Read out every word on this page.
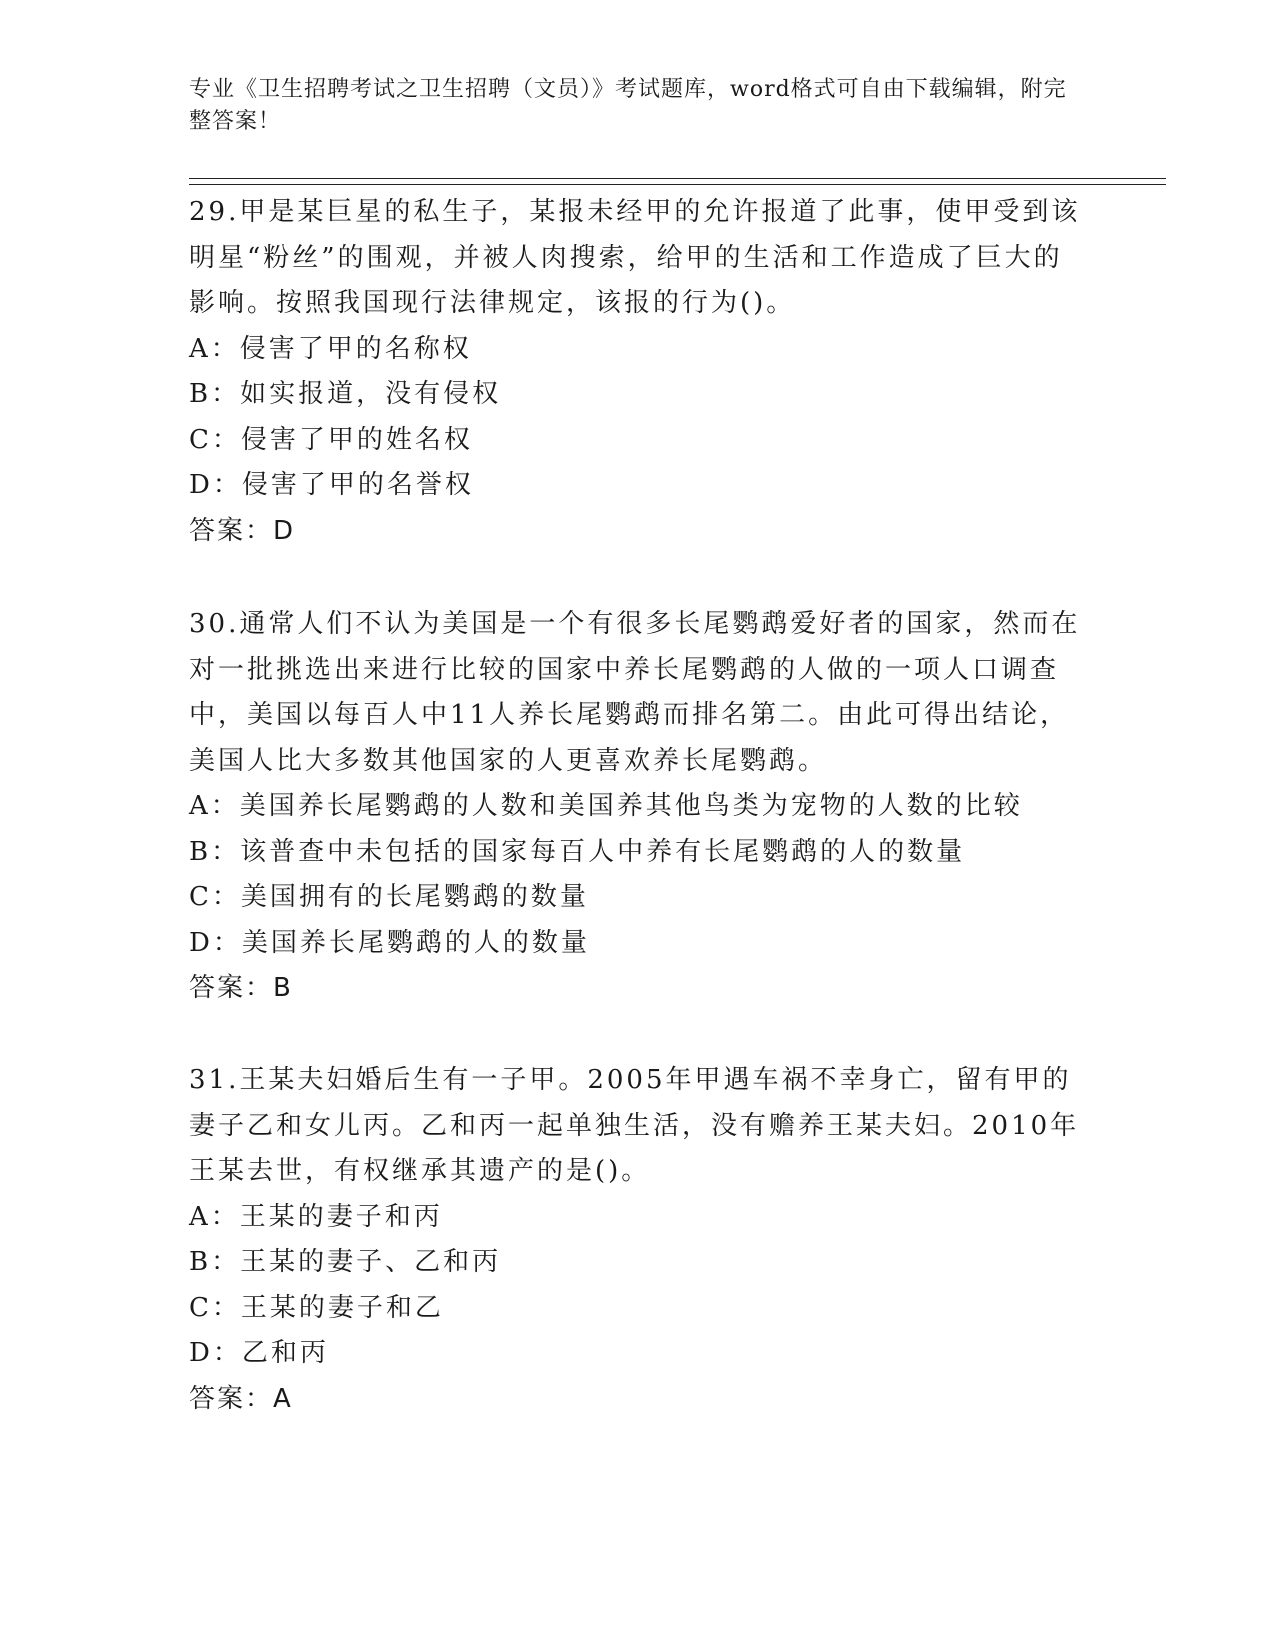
专业《卫生招聘考试之卫生招聘（文员）》考试题库，word格式可自由下载编辑，附完整答案！

29.甲是某巨星的私生子，某报未经甲的允许报道了此事，使甲受到该明星“粉丝”的围观，并被人肉搜索，给甲的生活和工作造成了巨大的影响。按照我国现行法律规定，该报的行为()。

A：侵害了甲的名称权

B：如实报道，没有侵权

C：侵害了甲的姓名权

D：侵害了甲的名誉权

答案：D

30.通常人们不认为美国是一个有很多长尾鹦鹉爱好者的国家，然而在对一批挑选出来进行比较的国家中养长尾鹦鹉的人做的一项人口调查中，美国以每百人中11人养长尾鹦鹉而排名第二。由此可得出结论，美国人比大多数其他国家的人更喜欢养长尾鹦鹉。

A：美国养长尾鹦鹉的人数和美国养其他鸟类为宠物的人数的比较

B：该普查中未包括的国家每百人中养有长尾鹦鹉的人的数量

C：美国拥有的长尾鹦鹉的数量

D：美国养长尾鹦鹉的人的数量

答案：B

31.王某夫妇婚后生有一子甲。2005年甲遇车祸不幸身亡，留有甲的妻子乙和女儿丙。乙和丙一起单独生活，没有赡养王某夫妇。2010年王某去世，有权继承其遗产的是()。

A：王某的妻子和丙

B：王某的妻子、乙和丙

C：王某的妻子和乙

D：乙和丙

答案：A
